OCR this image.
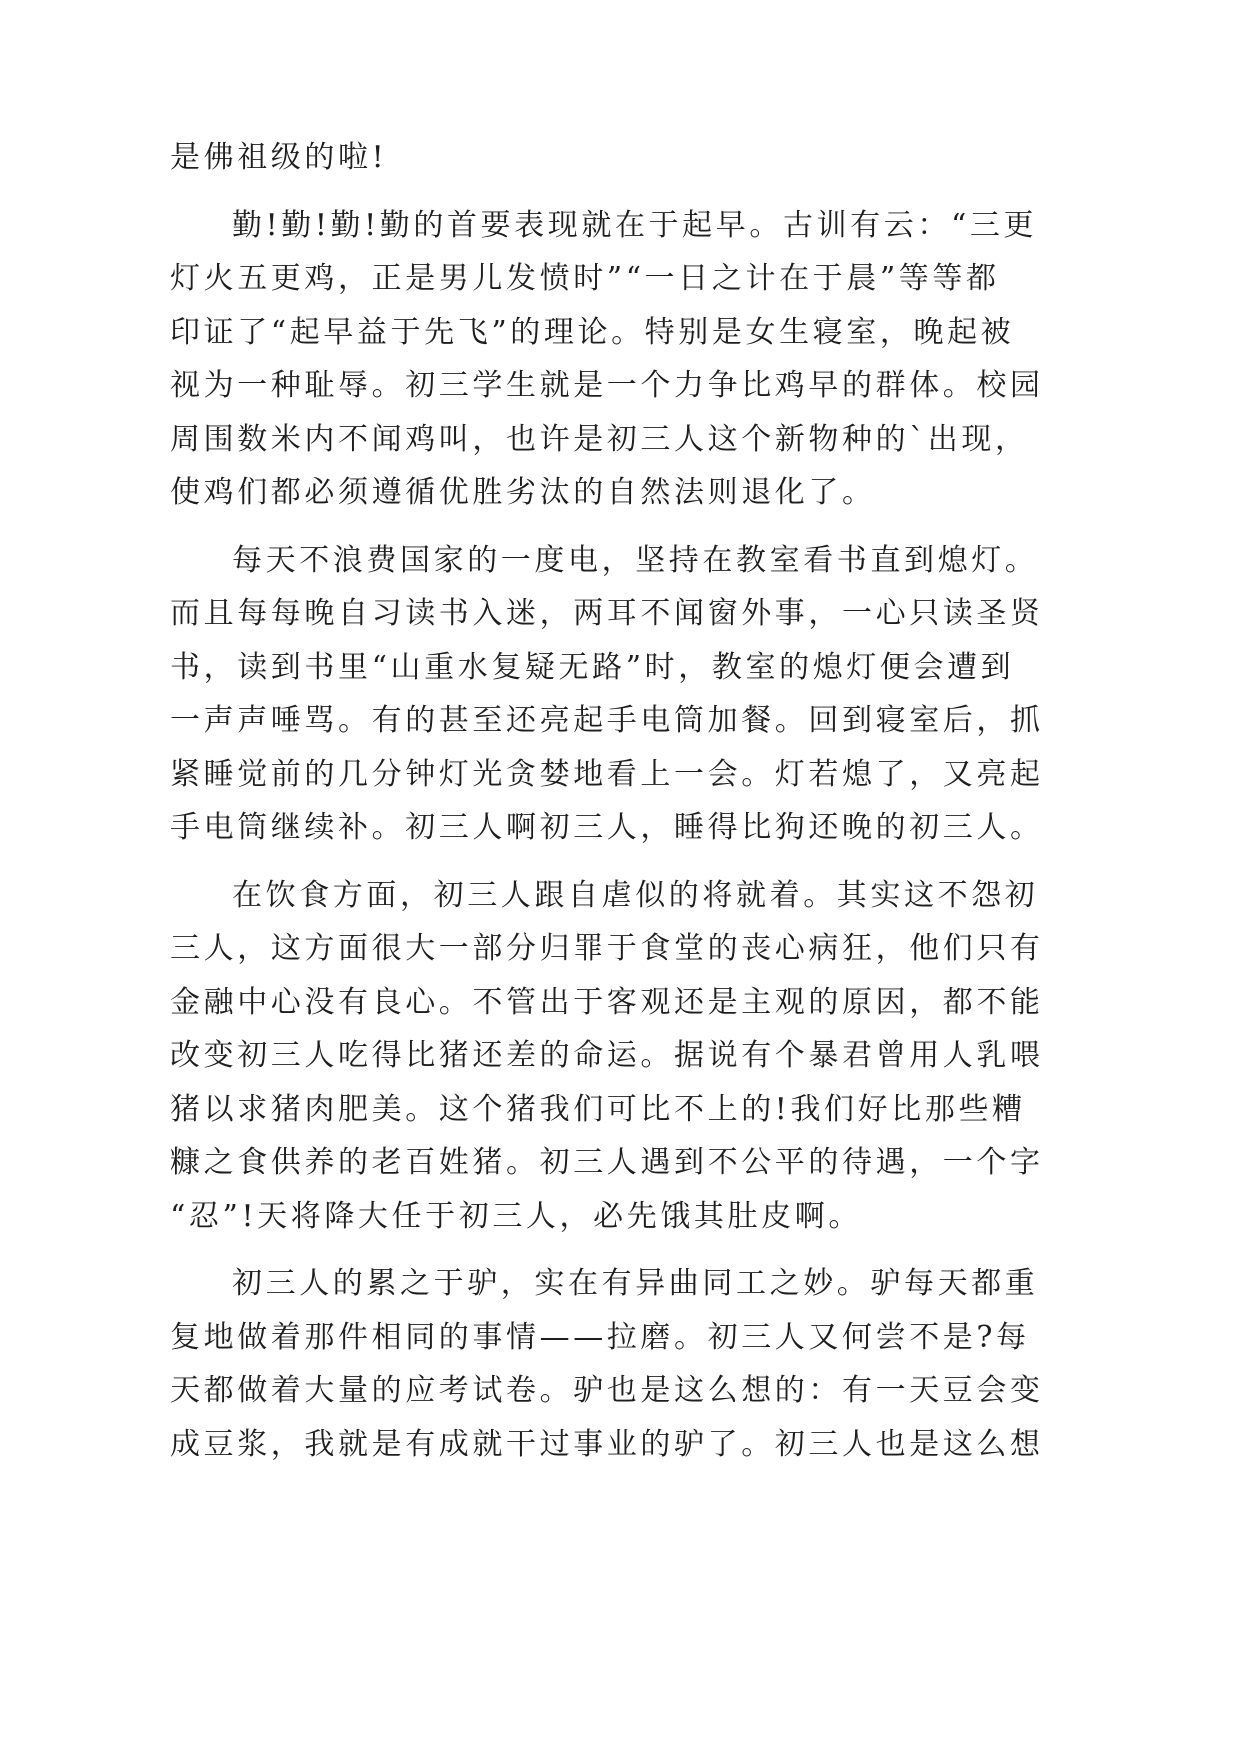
是佛祖级的啦!
勤!勤!勤!勤的首要表现就在于起早。古训有云：“三更
灯火五更鸡，正是男儿发愤时”“一日之计在于晨”等等都
印证了“起早益于先飞”的理论。特别是女生寝室，晚起被
视为一种耻辱。初三学生就是一个力争比鸡早的群体。校园
周围数米内不闻鸡叫，也许是初三人这个新物种的`出现，
使鸡们都必须遵循优胜劣汰的自然法则退化了。
每天不浪费国家的一度电，坚持在教室看书直到熄灯。
而且每每晚自习读书入迷，两耳不闻窗外事，一心只读圣贤
书，读到书里“山重水复疑无路”时，教室的熄灯便会遭到
一声声唾骂。有的甚至还亮起手电筒加餐。回到寝室后，抓
紧睡觉前的几分钟灯光贪婪地看上一会。灯若熄了，又亮起
手电筒继续补。初三人啊初三人，睡得比狗还晚的初三人。
在饮食方面，初三人跟自虐似的将就着。其实这不怨初
三人，这方面很大一部分归罪于食堂的丧心病狂，他们只有
金融中心没有良心。不管出于客观还是主观的原因，都不能
改变初三人吃得比猪还差的命运。据说有个暴君曾用人乳喂
猪以求猪肉肥美。这个猪我们可比不上的!我们好比那些糟
糠之食供养的老百姓猪。初三人遇到不公平的待遇，一个字
“忍”!天将降大任于初三人，必先饿其肚皮啊。
初三人的累之于驴，实在有异曲同工之妙。驴每天都重
复地做着那件相同的事情——拉磨。初三人又何尝不是?每
天都做着大量的应考试卷。驴也是这么想的：有一天豆会变
成豆浆，我就是有成就干过事业的驴了。初三人也是这么想
